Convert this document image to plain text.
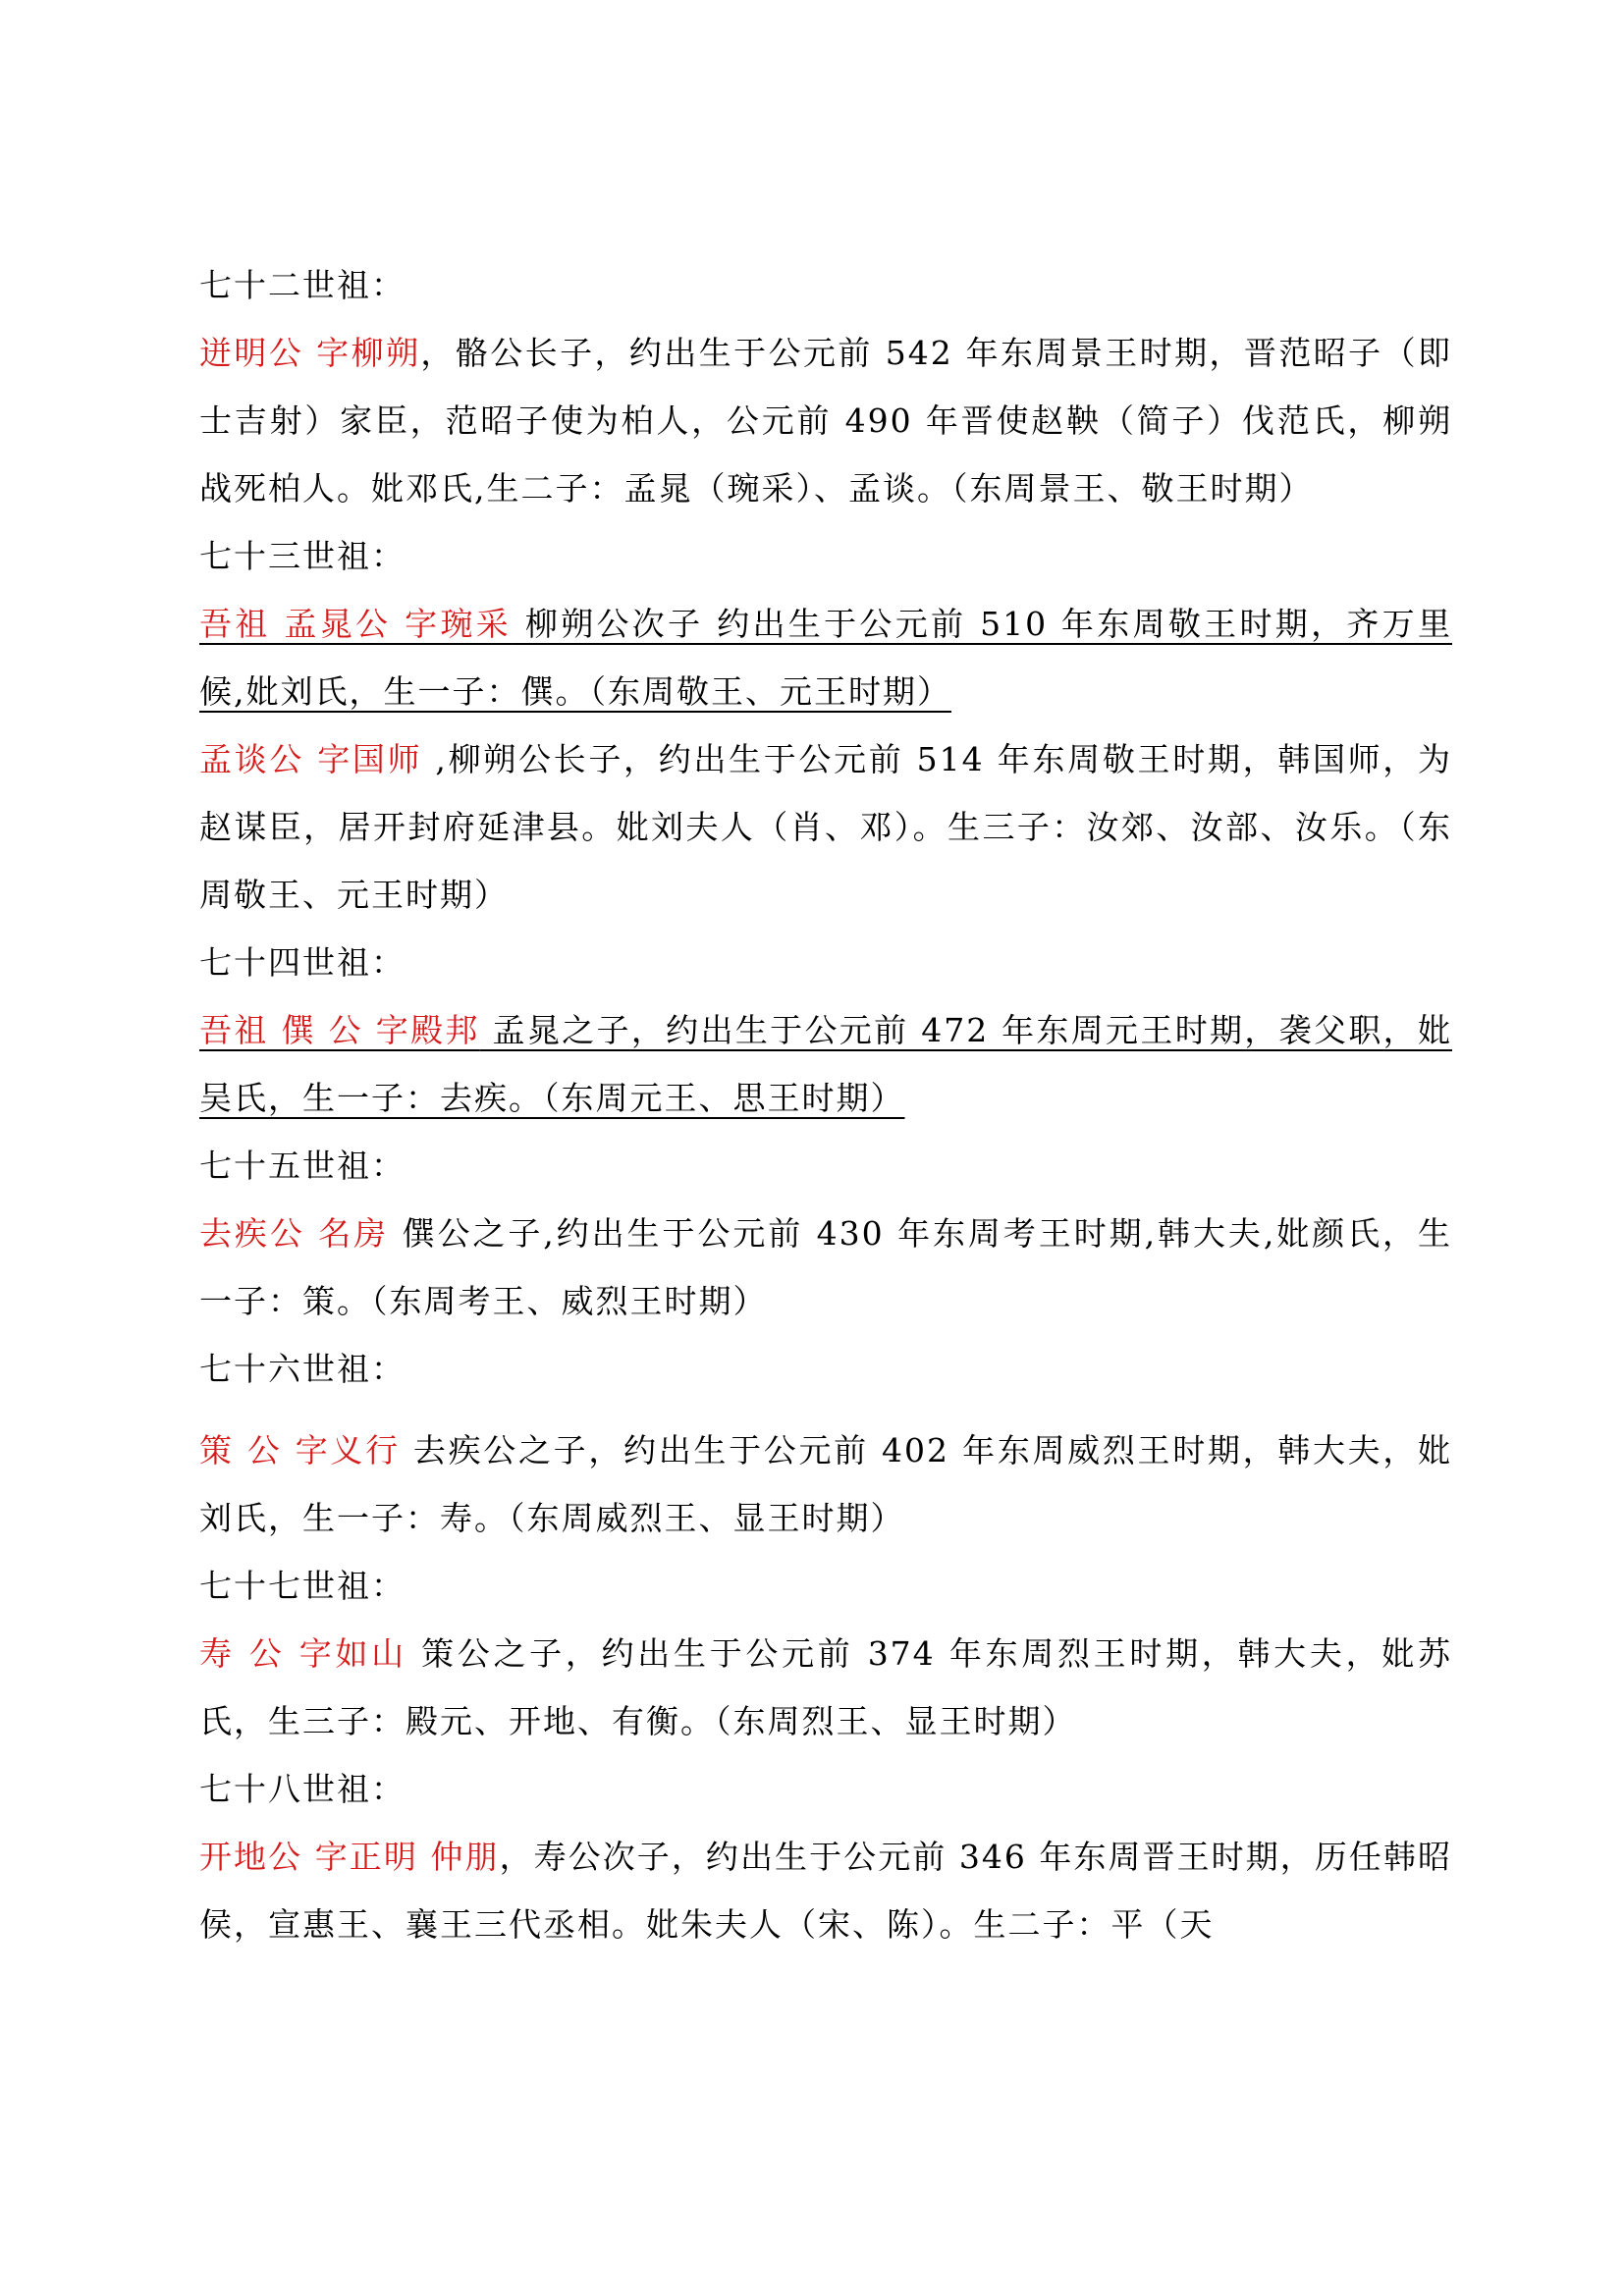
七十二世祖：

迸明公 字柳朔，骼公长子，约出生于公元前 542 年东周景王时期，晋范昭子（即士吉射）家臣，范昭子使为柏人，公元前 490 年晋使赵鞅（简子）伐范氏，柳朔战死柏人。妣邓氏,生二子：孟晁（琬采）、孟谈。（东周景王、敬王时期）

七十三世祖：

吾祖 孟晁公 字琬采 柳朔公次子 约出生于公元前 510 年东周敬王时期，齐万里候,妣刘氏，生一子：僎。（东周敬王、元王时期）

孟谈公 字国师 ,柳朔公长子，约出生于公元前 514 年东周敬王时期，韩国师，为赵谋臣，居开封府延津县。妣刘夫人（肖、邓）。生三子：汝郊、汝部、汝乐。（东周敬王、元王时期）

七十四世祖：

吾祖 僎 公 字殿邦 孟晁之子，约出生于公元前 472 年东周元王时期，袭父职，妣吴氏，生一子：去疾。（东周元王、思王时期）

七十五世祖：

去疾公 名房 僎公之子,约出生于公元前 430 年东周考王时期,韩大夫,妣颜氏，生一子：策。（东周考王、威烈王时期）

七十六世祖：

策 公 字义行 去疾公之子，约出生于公元前 402 年东周威烈王时期，韩大夫，妣刘氏，生一子：寿。（东周威烈王、显王时期）

七十七世祖：

寿 公 字如山 策公之子，约出生于公元前 374 年东周烈王时期，韩大夫，妣苏氏，生三子：殿元、开地、有衡。（东周烈王、显王时期）

七十八世祖：

开地公 字正明 仲朋，寿公次子，约出生于公元前 346 年东周晋王时期，历任韩昭侯，宣惠王、襄王三代丞相。妣朱夫人（宋、陈）。生二子：平（天
